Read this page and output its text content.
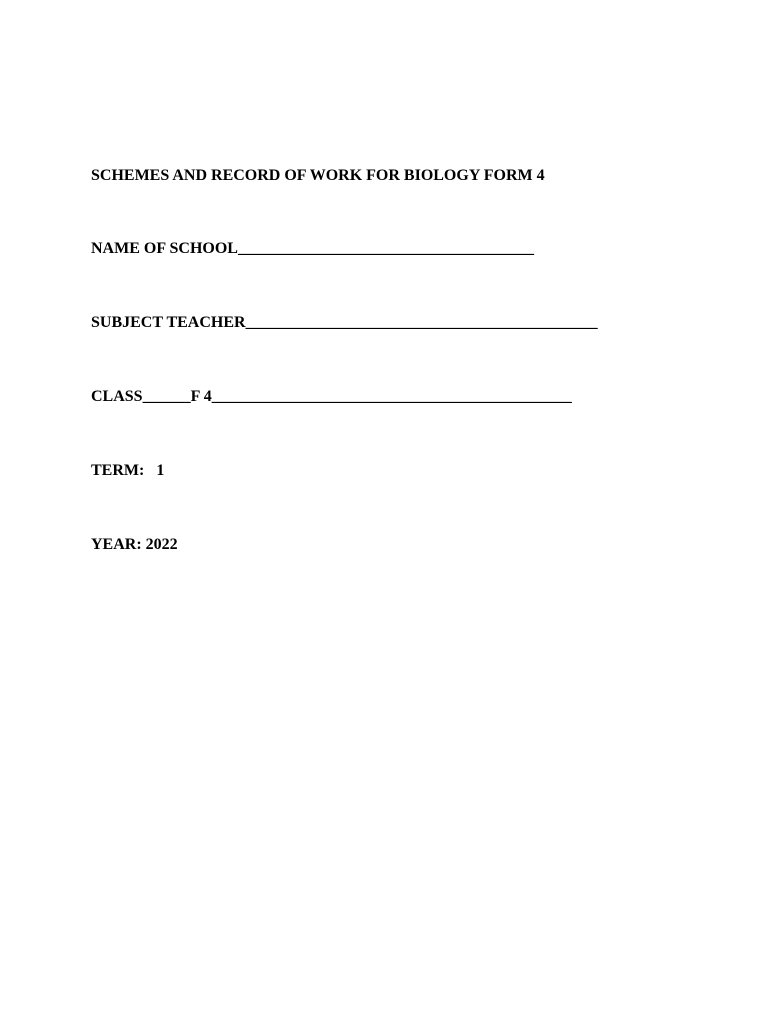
SCHEMES AND RECORD OF WORK FOR BIOLOGY FORM 4

NAME OF SCHOOL_____________________________________

SUBJECT TEACHER____________________________________________

CLASS______F 4_____________________________________________

TERM:   1

YEAR: 2022
